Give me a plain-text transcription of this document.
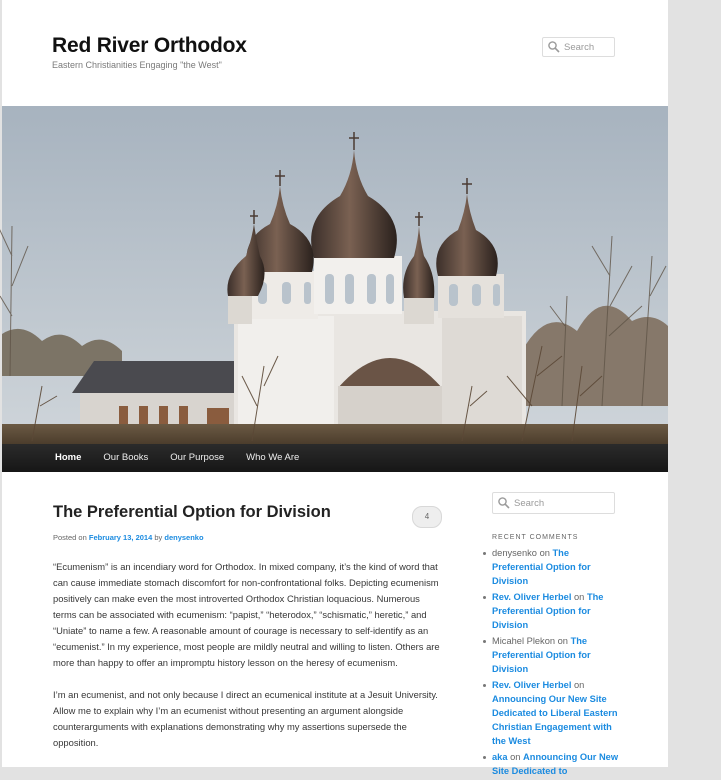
Red River Orthodox
Eastern Christianities Engaging "the West"
Search
Home	Our Books	Our Purpose	Who We Are
The Preferential Option for Division	4
Posted on February 13, 2014 by denysenko

“Ecumenism” is an incendiary word for Orthodox. In mixed company, it’s the kind of word that can cause immediate stomach discomfort for non-confrontational folks. Depicting ecumenism positively can make even the most introverted Orthodox Christian loquacious. Numerous terms can be associated with ecumenism: “papist,” “heterodox,” “schismatic,” heretic,” and “Uniate” to name a few. A reasonable amount of courage is necessary to self-identify as an “ecumenist.” In my experience, most people are mildly neutral and willing to listen. Others are more than happy to offer an impromptu history lesson on the heresy of ecumenism.

I’m an ecumenist, and not only because I direct an ecumenical institute at a Jesuit University. Allow me to explain why I’m an ecumenist without presenting an argument alongside counterarguments with explanations demonstrating why my assertions supersede the opposition.

Search
RECENT COMMENTS
denysenko on The Preferential Option for Division
Rev. Oliver Herbel on The Preferential Option for Division
Micahel Plekon on The Preferential Option for Division
Rev. Oliver Herbel on Announcing Our New Site Dedicated to Liberal Eastern Christian Engagement with the West
aka on Announcing Our New Site Dedicated to
